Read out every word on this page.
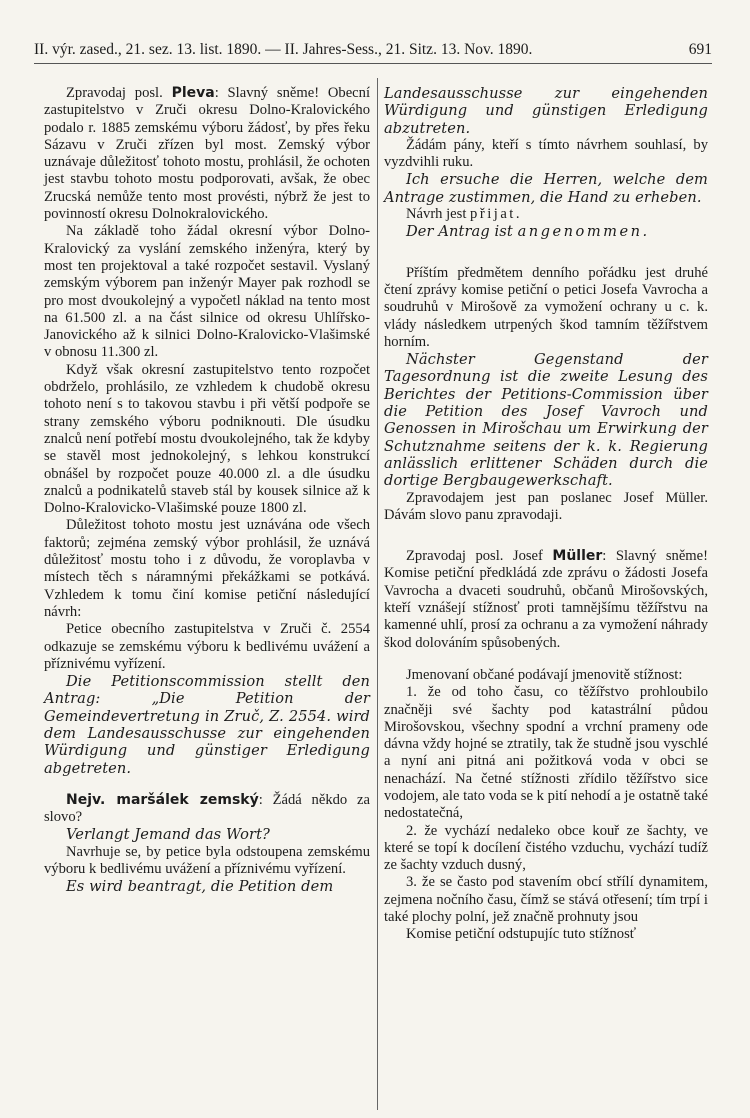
II. výr. zased., 21. sez. 13. list. 1890. — II. Jahres-Sess., 21. Sitz. 13. Nov. 1890.	691

Zpravodaj posl. Pleva: Slavný sněme! Obecní zastupitelstvo v Zruči okresu Dolno-Kralovického podalo r. 1885 zemskému výboru žádosť, by přes řeku Sázavu v Zruči zřízen byl most. Zemský výbor uznávaje důležitosť tohoto mostu, prohlásil, že ochoten jest stavbu tohoto mostu podporovati, avšak, že obec Zrucská nemůže tento most provésti, nýbrž že jest to povinností okresu Dolnokralovického.

Na základě toho žádal okresní výbor Dolno-Kralovický za vyslání zemského inženýra, který by most ten projektoval a také rozpočet sestavil. Vyslaný zemským výborem pan inženýr Mayer pak rozhodl se pro most dvoukolejný a vypočetl náklad na tento most na 61.500 zl. a na část silnice od okresu Uhlířsko-Janovického až k silnici Dolno-Kralovicko-Vlašimské v obnosu 11.300 zl.

Když však okresní zastupitelstvo tento rozpočet obdrželo, prohlásilo, ze vzhledem k chudobě okresu tohoto není s to takovou stavbu i při větší podpoře se strany zemského výboru podniknouti. Dle úsudku znalců není potřebí mostu dvoukolejného, tak že kdyby se stavěl most jednokolejný, s lehkou konstrukcí obnášel by rozpočet pouze 40.000 zl. a dle úsudku znalců a podnikatelů staveb stál by kousek silnice až k Dolno-Kralovicko-Vlašimské pouze 1800 zl.

Důležitost tohoto mostu jest uznávána ode všech faktorů; zejména zemský výbor prohlásil, že uznává důležitosť mostu toho i z důvodu, že voroplavba v místech těch s náramnými překážkami se potkává. Vzhledem k tomu činí komise petiční následující návrh:

Petice obecního zastupitelstva v Zruči č. 2554 odkazuje se zemskému výboru k bedlivému uvážení a příznivému vyřízení.

Die Petitionscommission stellt den Antrag: „Die Petition der Gemeindevertretung in Zruč, Z. 2554. wird dem Landesausschusse zur eingehenden Würdigung und günstiger Erledigung abgetreten.

Nejv. maršálek zemský: Žádá někdo za slovo?

Verlangt Jemand das Wort?

Navrhuje se, by petice byla odstoupena zemskému výboru k bedlivému uvážení a příznivému vyřízení.

Es wird beantragt, die Petition dem

Landesausschusse zur eingehenden Würdigung und günstigen Erledigung abzutreten.

Žádám pány, kteří s tímto návrhem souhlasí, by vyzdvihli ruku.

Ich ersuche die Herren, welche dem Antrage zustimmen, die Hand zu erheben.

Návrh jest přijat.

Der Antrag ist angenommen.

Příštím předmětem denního pořádku jest druhé čtení zprávy komise petiční o petici Josefa Vavrocha a soudruhů v Mirošově za vymožení ochrany u c. k. vlády následkem utrpených škod tamním těžířstvem horním.

Nächster Gegenstand der Tagesordnung ist die zweite Lesung des Berichtes der Petitions-Commission über die Petition des Josef Vavroch und Genossen in Mirošchau um Erwirkung der Schutznahme seitens der k. k. Regierung anlässlich erlittener Schäden durch die dortige Bergbaugewerkschaft.

Zpravodajem jest pan poslanec Josef Müller. Dávám slovo panu zpravodaji.

Zpravodaj posl. Josef Müller: Slavný sněme! Komise petiční předkládá zde zprávu o žádosti Josefa Vavrocha a dvaceti soudruhů, občanů Mirošovských, kteří vznášejí stížnosť proti tamnějšímu těžířstvu na kamenné uhlí, prosí za ochranu a za vymožení náhrady škod dolováním spůsobených.

Jmenovaní občané podávají jmenovitě stížnost:

1. že od toho času, co těžířstvo prohloubilo značněji své šachty pod katastrální půdou Mirošovskou, všechny spodní a vrchní prameny ode dávna vždy hojné se ztratily, tak že studně jsou vyschlé a nyní ani pitná ani požitková voda v obci se nenachází. Na četné stížnosti zřídilo těžířstvo sice vodojem, ale tato voda se k pití nehodí a je ostatně také nedostatečná,

2. že vychází nedaleko obce kouř ze šachty, ve které se topí k docílení čistého vzduchu, vychází tudíž ze šachty vzduch dusný,

3. že se často pod stavením obcí střílí dynamitem, zejmena nočního času, čímž se stává otřesení; tím trpí i také plochy polní, jež značně prohnuty jsou

Komise petiční odstupujíc tuto stížnosť
